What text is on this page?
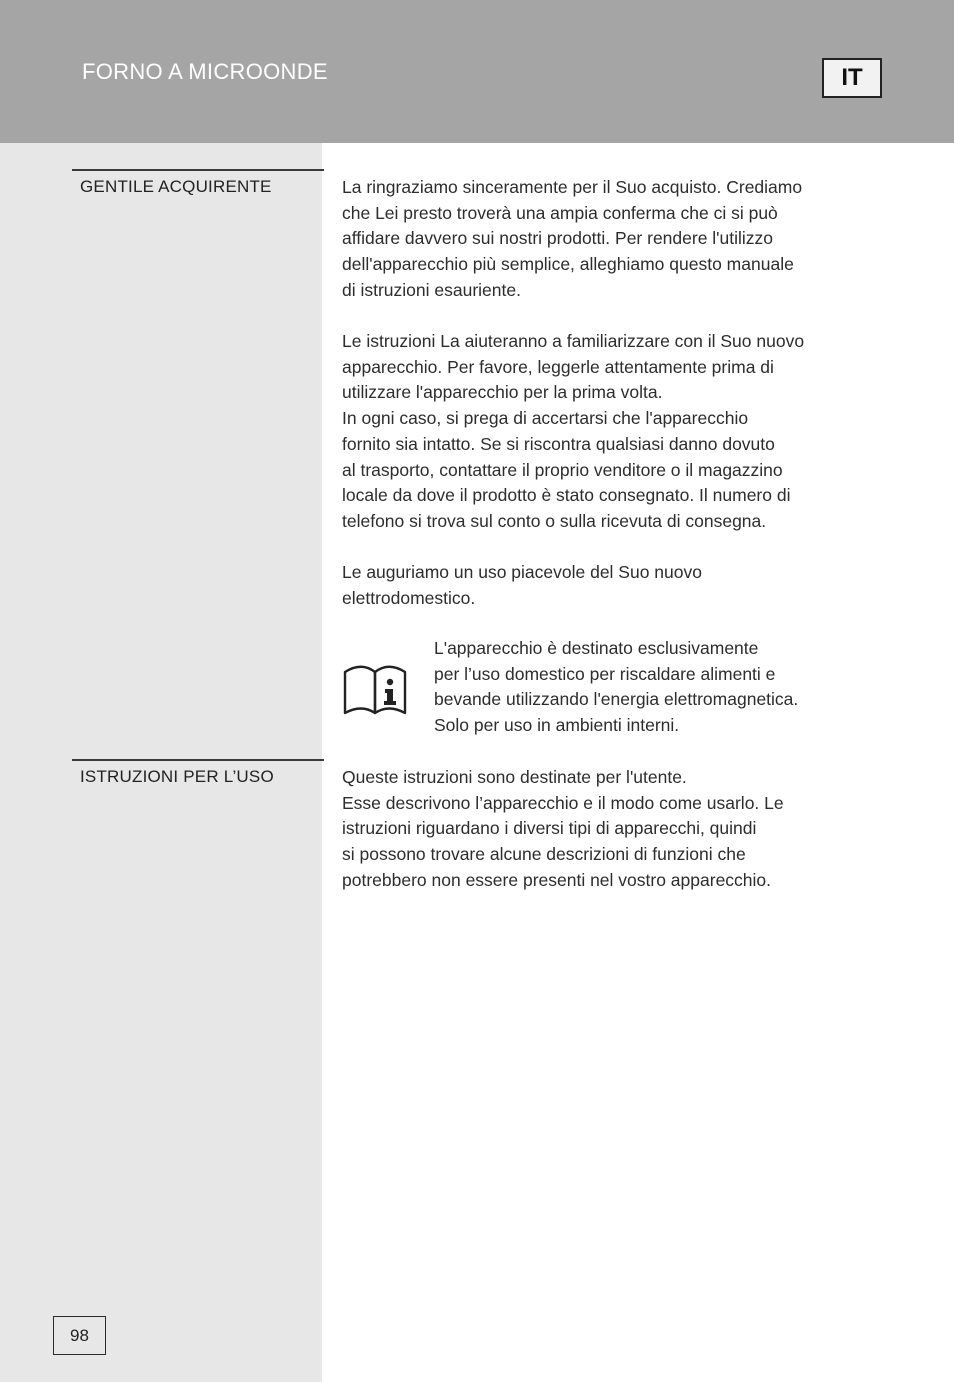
FORNO A MICROONDE	IT
GENTILE ACQUIRENTE	La ringraziamo sinceramente per il Suo acquisto. Crediamo
che Lei presto troverà una ampia conferma che ci si può
affidare davvero sui nostri prodotti. Per rendere l'utilizzo
dell'apparecchio più semplice, alleghiamo questo manuale
di istruzioni esauriente.

Le istruzioni La aiuteranno a familiarizzare con il Suo nuovo
apparecchio. Per favore, leggerle attentamente prima di
utilizzare l'apparecchio per la prima volta.
In ogni caso, si prega di accertarsi che l'apparecchio
fornito sia intatto. Se si riscontra qualsiasi danno dovuto
al trasporto, contattare il proprio venditore o il magazzino
locale da dove il prodotto è stato consegnato. Il numero di
telefono si trova sul conto o sulla ricevuta di consegna.

Le auguriamo un uso piacevole del Suo nuovo
elettrodomestico.

L'apparecchio è destinato esclusivamente
per l’uso domestico per riscaldare alimenti e
bevande utilizzando l'energia elettromagnetica.
Solo per uso in ambienti interni.

ISTRUZIONI PER L’USO	Queste istruzioni sono destinate per l'utente.
Esse descrivono l’apparecchio e il modo come usarlo. Le
istruzioni riguardano i diversi tipi di apparecchi, quindi
si possono trovare alcune descrizioni di funzioni che
potrebbero non essere presenti nel vostro apparecchio.

98
